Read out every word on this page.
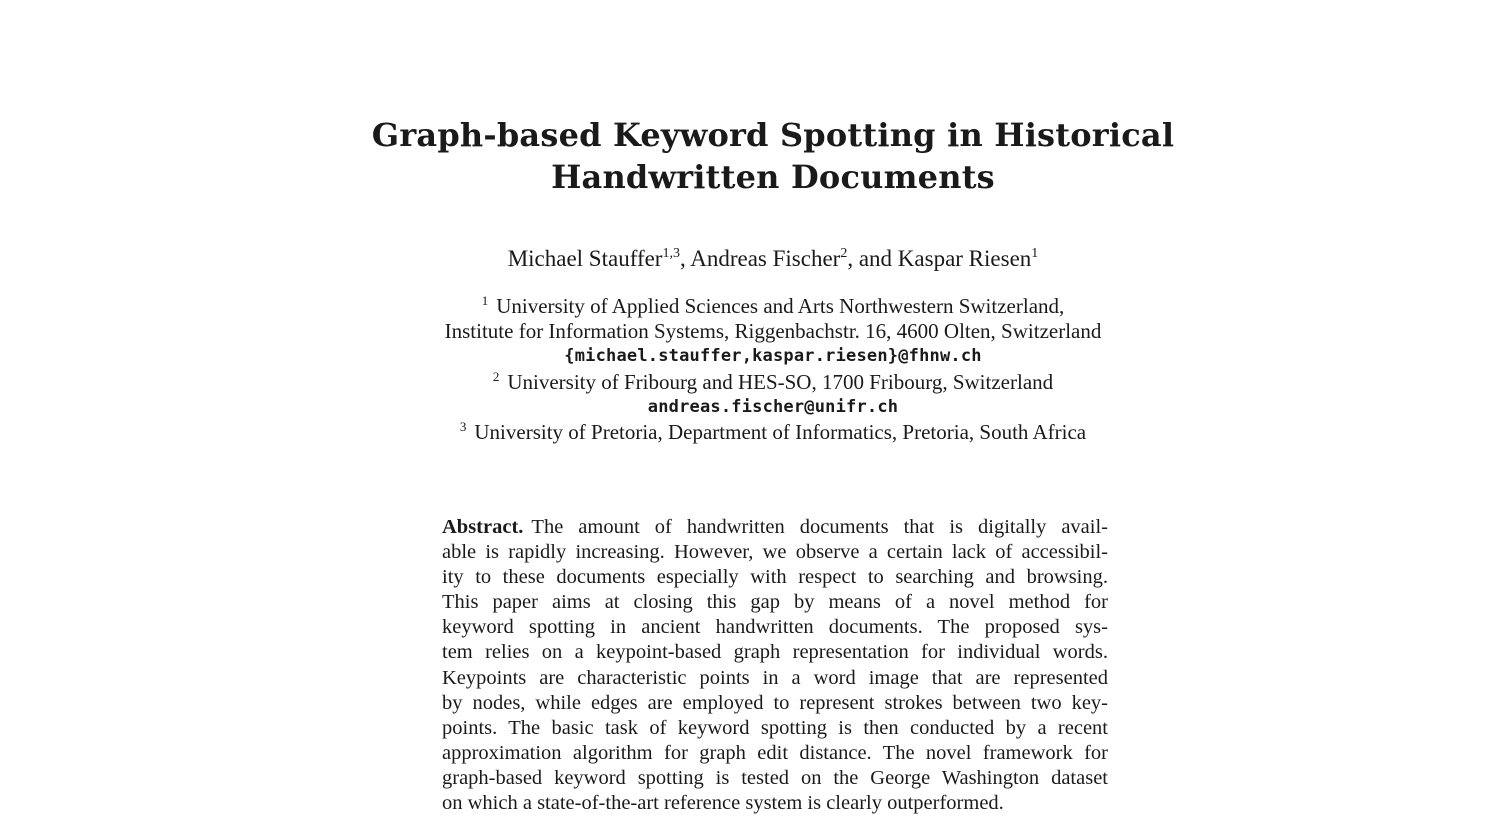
Graph-based Keyword Spotting in Historical
Handwritten Documents

Michael Stauffer$^{1,3}$, Andreas Fischer$^2$, and Kaspar Riesen$^1$

$^1$ University of Applied Sciences and Arts Northwestern Switzerland,
Institute for Information Systems, Riggenbachstr. 16, 4600 Olten, Switzerland
{michael.stauffer,kaspar.riesen}@fhnw.ch
$^2$ University of Fribourg and HES-SO, 1700 Fribourg, Switzerland
andreas.fischer@unifr.ch
$^3$ University of Pretoria, Department of Informatics, Pretoria, South Africa
Abstract. The amount of handwritten documents that is digitally avail-
able is rapidly increasing. However, we observe a certain lack of accessibil-
ity to these documents especially with respect to searching and browsing.
This paper aims at closing this gap by means of a novel method for
keyword spotting in ancient handwritten documents. The proposed sys-
tem relies on a keypoint-based graph representation for individual words.
Keypoints are characteristic points in a word image that are represented
by nodes, while edges are employed to represent strokes between two key-
points. The basic task of keyword spotting is then conducted by a recent
approximation algorithm for graph edit distance. The novel framework for
graph-based keyword spotting is tested on the George Washington dataset
on which a state-of-the-art reference system is clearly outperformed.
